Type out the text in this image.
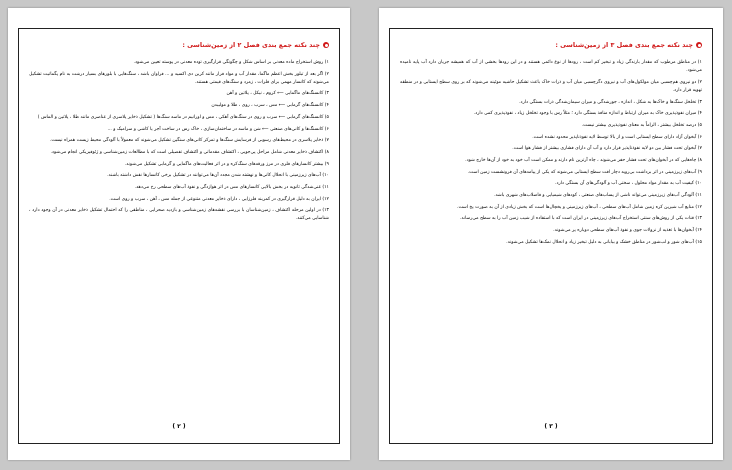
چند نکته جمع بندی فصل ۲ از زمین‌شناسی :

۱) روش استخراج ماده معدنی بر اساس شکل و چگونگی قرارگیری توده معدنی در پوسته تعیین می‌شود.

۲) اگر بعد از تبلور بخش اعظم ماگما، مقدار آب و مواد فرار مانند کربن دی اکسید و ... فراوان باشد ، سنگ‌هایی با بلورهای بسیار درشت به نام پگماتیت تشکیل می‌شوند که کانسار مهمی برای فلزات ، زمرد و سنگ‌های قیمتی هستند.

۳) کانسنگ‌های ماگمایی ⟵ کروم ، نیکل ، پلاتین و آهن

۴) کانسنگ‌های گرمابی ⟵ مس ، سرب ، روی ، طلا و مولیبدن

۵) کانسنگ‌های گرمابی ⟵ سرب و روی در سنگ‌های آهکی ، مس و اورانیم در ماسه سنگ‌ها ( تشکیل ذخایر پلاسری از عناصری مانند طلا ، پلاتین و الماس )

۶) کانسنگ‌ها و کانی‌های صنعتی ⟵ شن و ماسه در ساختمان‌سازی ، خاک رس در ساخت آجر یا کاشی و سرامیک و ...

۷) ذخایر پلاسری در محیط‌های رسوبی از فرسایش سنگ‌ها و تمرکز کانی‌های سنگین تشکیل می‌شوند که معمولاً با آلودگی محیط زیست همراه نیست.

۸) اکتشاف ذخایر معدنی شامل مراحل پی‌جویی ، اکتشاف مقدماتی و اکتشاف تفصیلی است که با مطالعات زمین‌شناسی و ژئوفیزیکی انجام می‌شود.

۹) بیشتر کانسارهای فلزی در مرز ورقه‌های سنگ‌کره و در اثر فعالیت‌های ماگمایی و گرمابی تشکیل می‌شوند.

۱۰) آب‌های زیرزمینی با انحلال کانی‌ها و نهشته شدن مجدد آن‌ها می‌توانند در تشکیل برخی کانسارها نقش داشته باشند.

۱۱) غنی‌شدگی ثانویه در بخش بالایی کانسارهای مس در اثر هوازدگی و نفوذ آب‌های سطحی رخ می‌دهد.

۱۲) ایران به دلیل قرارگیری در کمربند فلززایی ، دارای ذخایر معدنی متنوعی از جمله مس ، آهن ، سرب و روی است.

۱۳) در اولین مرحله اکتشاف ، زمین‌شناسان با بررسی نقشه‌های زمین‌شناسی و بازدید صحرایی ، مناطقی را که احتمال تشکیل ذخایر معدنی در آن وجود دارد ، شناسایی می‌کنند.

( ۲ )
چند نکته جمع بندی فصل ۳ از زمین‌شناسی :

۱) در مناطق مرطوب که مقدار بارندگی زیاد و تبخیر کم است ، رودها از نوع دائمی هستند و در این رودها بخشی از آب که همیشه جریان دارد آب پایه نامیده می‌شود.

۲) دو نیروی هم‌چسبی میان مولکول‌های آب و نیروی دگرچسبی میان آب و ذرات خاک باعث تشکیل حاشیه موئینه می‌شوند که بر روی سطح ایستابی و در منطقه تهویه قرار دارد.

۳) تخلخل سنگ‌ها و خاک‌ها به شکل ، اندازه ، جورشدگی و میزان سیمان‌شدگی ذرات بستگی دارد.

۴) میزان نفوذپذیری خاک به میزان ارتباط و اندازه منافذ بستگی دارد ؛ مثلاً رس با وجود تخلخل زیاد ، نفوذپذیری کمی دارد.

۵) درصد تخلخل بیشتر ، الزاماً به معنای نفوذپذیری بیشتر نیست.

۶) آبخوان آزاد دارای سطح ایستابی است و از بالا توسط لایه نفوذناپذیر محدود نشده است.

۷) آبخوان تحت فشار بین دو لایه نفوذناپذیر قرار دارد و آب آن دارای فشاری بیشتر از فشار هوا است.

۸) چاه‌هایی که در آبخوان‌های تحت فشار حفر می‌شوند ، چاه آرتزین نام دارند و ممکن است آب خود به خود از آن‌ها خارج شود.

۹) آب‌های زیرزمینی در اثر برداشت بی‌رویه دچار افت سطح ایستابی می‌شوند که یکی از پیامدهای آن فرونشست زمین است.

۱۰) کیفیت آب به مقدار مواد محلول ، سختی آب و آلودگی‌های آن بستگی دارد.

۱۱) آلودگی آب‌های زیرزمینی می‌تواند ناشی از پساب‌های صنعتی ، کودهای شیمیایی و فاضلاب‌های شهری باشد.

۱۲) منابع آب شیرین کره زمین شامل آب‌های سطحی ، آب‌های زیرزمینی و یخچال‌ها است که بخش زیادی از آن به صورت یخ است.

۱۳) قنات یکی از روش‌های سنتی استخراج آب‌های زیرزمینی در ایران است که با استفاده از شیب زمین آب را به سطح می‌رساند.

۱۴) آبخوان‌ها با تغذیه از نزولات جوی و نفوذ آب‌های سطحی دوباره پر می‌شوند.

۱۵) آب‌های شور و لب‌شور در مناطق خشک و بیابانی به دلیل تبخیر زیاد و انحلال نمک‌ها تشکیل می‌شوند.

( ۳ )
